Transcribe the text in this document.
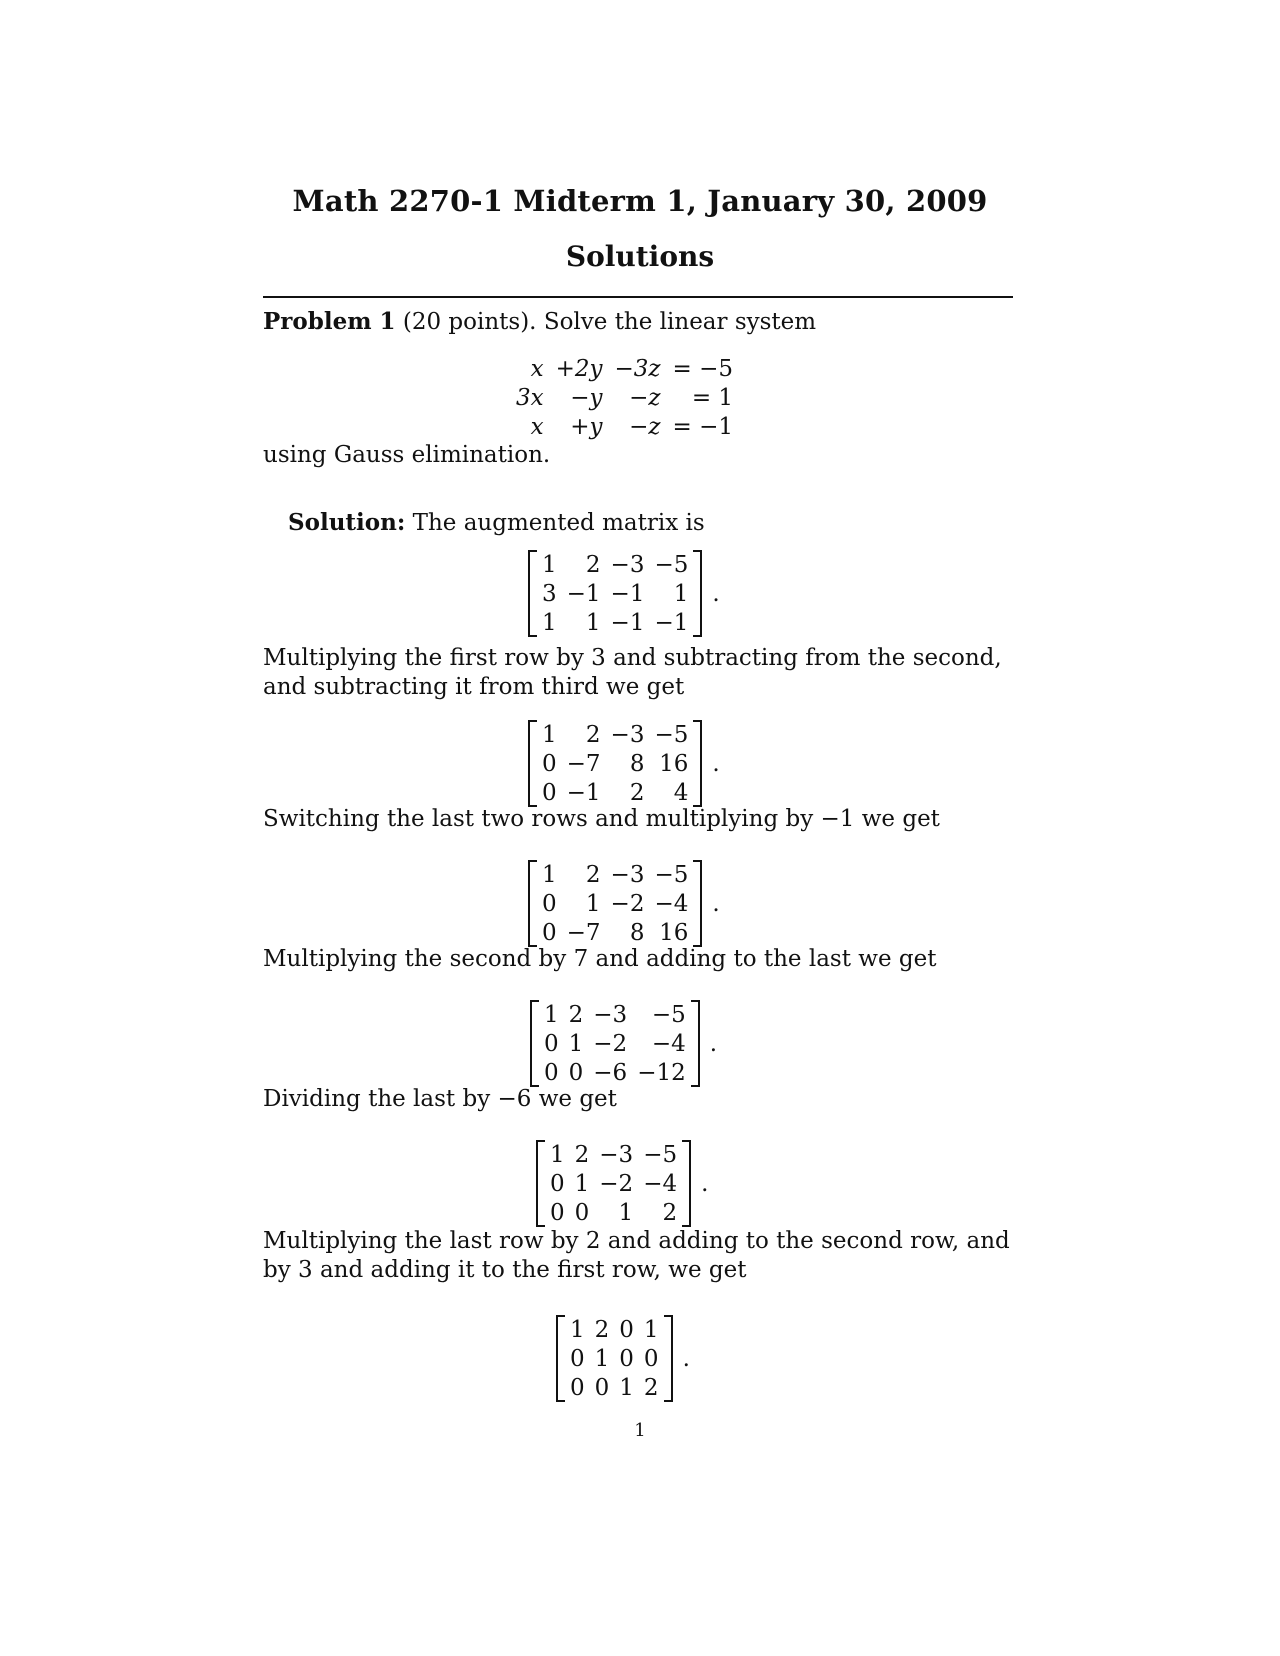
Math 2270-1 Midterm 1, January 30, 2009
Solutions
Problem 1 (20 points). Solve the linear system
x	+2y	−3z	= −5
3x	−y	−z	= 1
x	+y	−z	= −1
using Gauss elimination.
Solution: The augmented matrix is
1	2	−3	−5
3	−1	−1	1
1	1	−1	−1
.
Multiplying the first row by 3 and subtracting from the second, and subtracting it from third we get
1	2	−3	−5
0	−7	8	16
0	−1	2	4
.
Switching the last two rows and multiplying by −1 we get
1	2	−3	−5
0	1	−2	−4
0	−7	8	16
.
Multiplying the second by 7 and adding to the last we get
1	2	−3	−5
0	1	−2	−4
0	0	−6	−12
.
Dividing the last by −6 we get
1	2	−3	−5
0	1	−2	−4
0	0	1	2
.
Multiplying the last row by 2 and adding to the second row, and by 3 and adding it to the first row, we get
1	2	0	1
0	1	0	0
0	0	1	2
.
1
